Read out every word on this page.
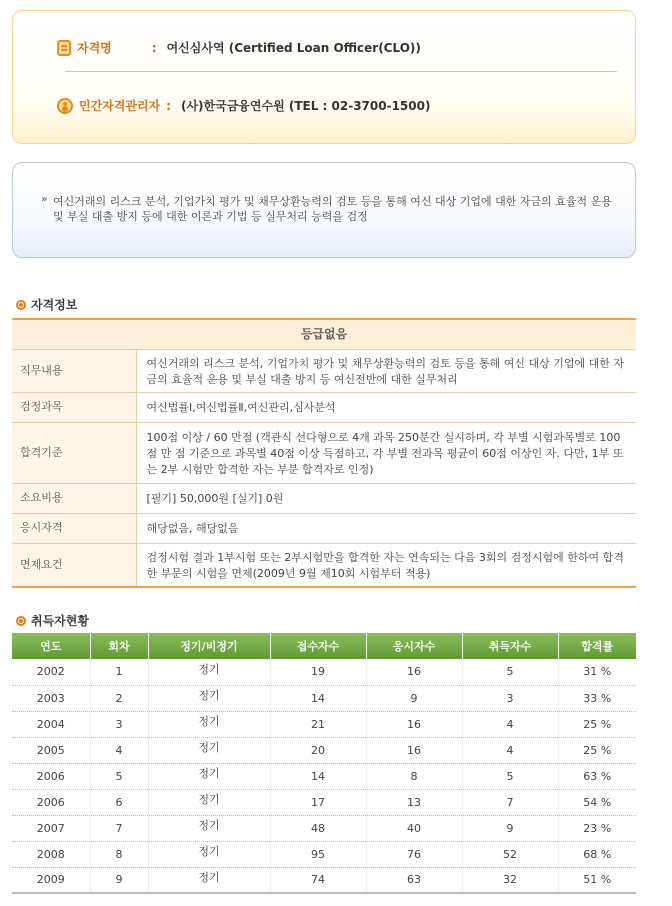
자격명	: 여신심사역 (Certified Loan Officer(CLO))
민간자격관리자 : (사)한국금융연수원 (TEL : 02-3700-1500)
» 여신거래의 리스크 분석, 기업가치 평가 및 채무상환능력의 검토 등을 통해 여신 대상 기업에 대한 자금의 효율적 운용 및 부실 대출 방지 등에 대한 이론과 기법 등 실무처리 능력을 검정

자격정보
등급없음	
직무내용	여신거래의 리스크 분석, 기업가치 평가 및 채무상환능력의 검토 등을 통해 여신 대상 기업에 대한 자금의 효율적 운용 및 부실 대출 방지 등 여신전반에 대한 실무처리
검정과목	여신법률Ⅰ,여신법률Ⅱ,여신관리,심사분석
합격기준	100점 이상 / 60 만점 (객관식 선다형으로 4개 과목 250분간 실시하며, 각 부별 시험과목별로 100점 만 점 기준으로 과목별 40점 이상 득점하고, 각 부별 전과목 평균이 60점 이상인 자. 다만, 1부 또는 2부 시험만 합격한 자는 부분 합격자로 인정)
소요비용	[필기] 50,000원 [실기] 0원
응시자격	해당없음, 해당없음
면제요건	검정시험 결과 1부시험 또는 2부시험만을 합격한 자는 연속되는 다음 3회의 검정시험에 한하여 합격한 부문의 시험을 면제(2009년 9월 제10회 시험부터 적용)
취득자현황
연도	회차	정기/비정기	접수자수	응시자수	취득자수	합격률
2002	1	정기	19	16	5	31 %
2003	2	정기	14	9	3	33 %
2004	3	정기	21	16	4	25 %
2005	4	정기	20	16	4	25 %
2006	5	정기	14	8	5	63 %
2006	6	정기	17	13	7	54 %
2007	7	정기	48	40	9	23 %
2008	8	정기	95	76	52	68 %
2009	9	정기	74	63	32	51 %
